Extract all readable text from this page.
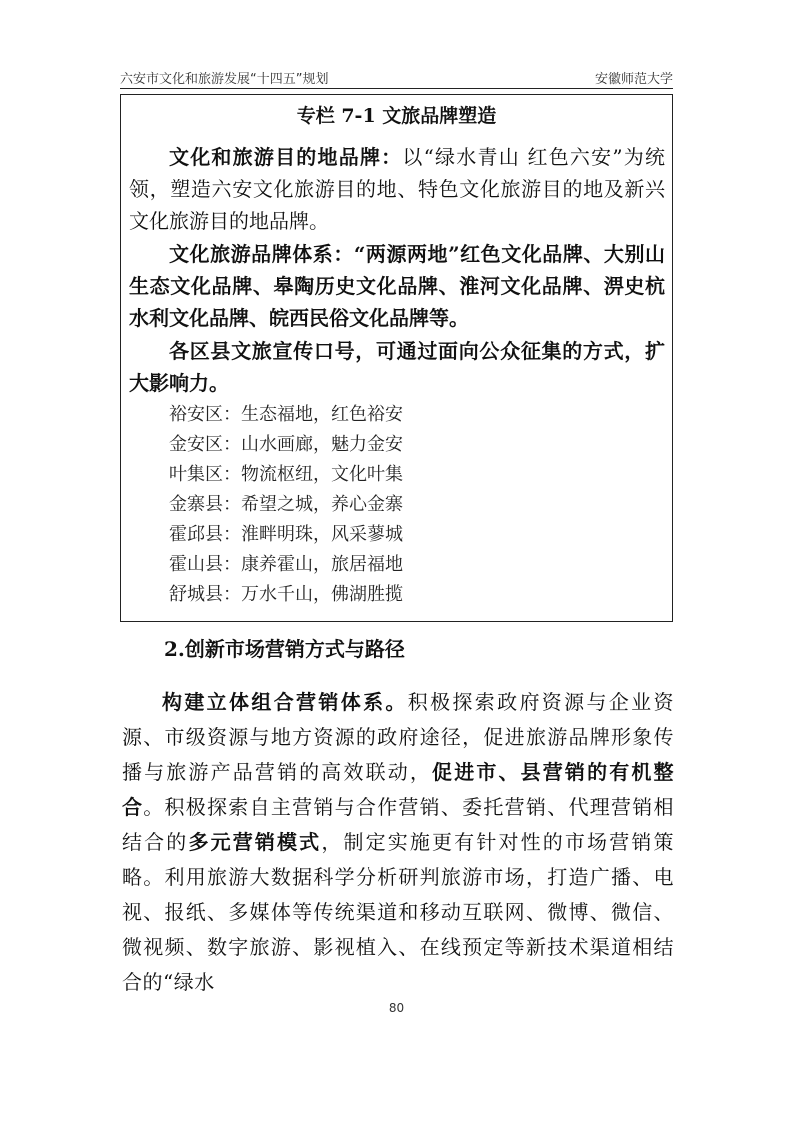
六安市文化和旅游发展“十四五”规划	安徽师范大学

专栏 7-1 文旅品牌塑造

文化和旅游目的地品牌：以“绿水青山 红色六安”为统领，塑造六安文化旅游目的地、特色文化旅游目的地及新兴文化旅游目的地品牌。

文化旅游品牌体系：“两源两地”红色文化品牌、大别山生态文化品牌、皋陶历史文化品牌、淮河文化品牌、淠史杭水利文化品牌、皖西民俗文化品牌等。

各区县文旅宣传口号，可通过面向公众征集的方式，扩大影响力。

裕安区：生态福地，红色裕安

金安区：山水画廊，魅力金安

叶集区：物流枢纽，文化叶集

金寨县：希望之城，养心金寨

霍邱县：淮畔明珠，风采蓼城

霍山县：康养霍山，旅居福地

舒城县：万水千山，佛湖胜揽

2.创新市场营销方式与路径

构建立体组合营销体系。积极探索政府资源与企业资源、市级资源与地方资源的政府途径，促进旅游品牌形象传播与旅游产品营销的高效联动，促进市、县营销的有机整合。积极探索自主营销与合作营销、委托营销、代理营销相结合的多元营销模式，制定实施更有针对性的市场营销策略。利用旅游大数据科学分析研判旅游市场，打造广播、电视、报纸、多媒体等传统渠道和移动互联网、微博、微信、微视频、数字旅游、影视植入、在线预定等新技术渠道相结合的“绿水

80
